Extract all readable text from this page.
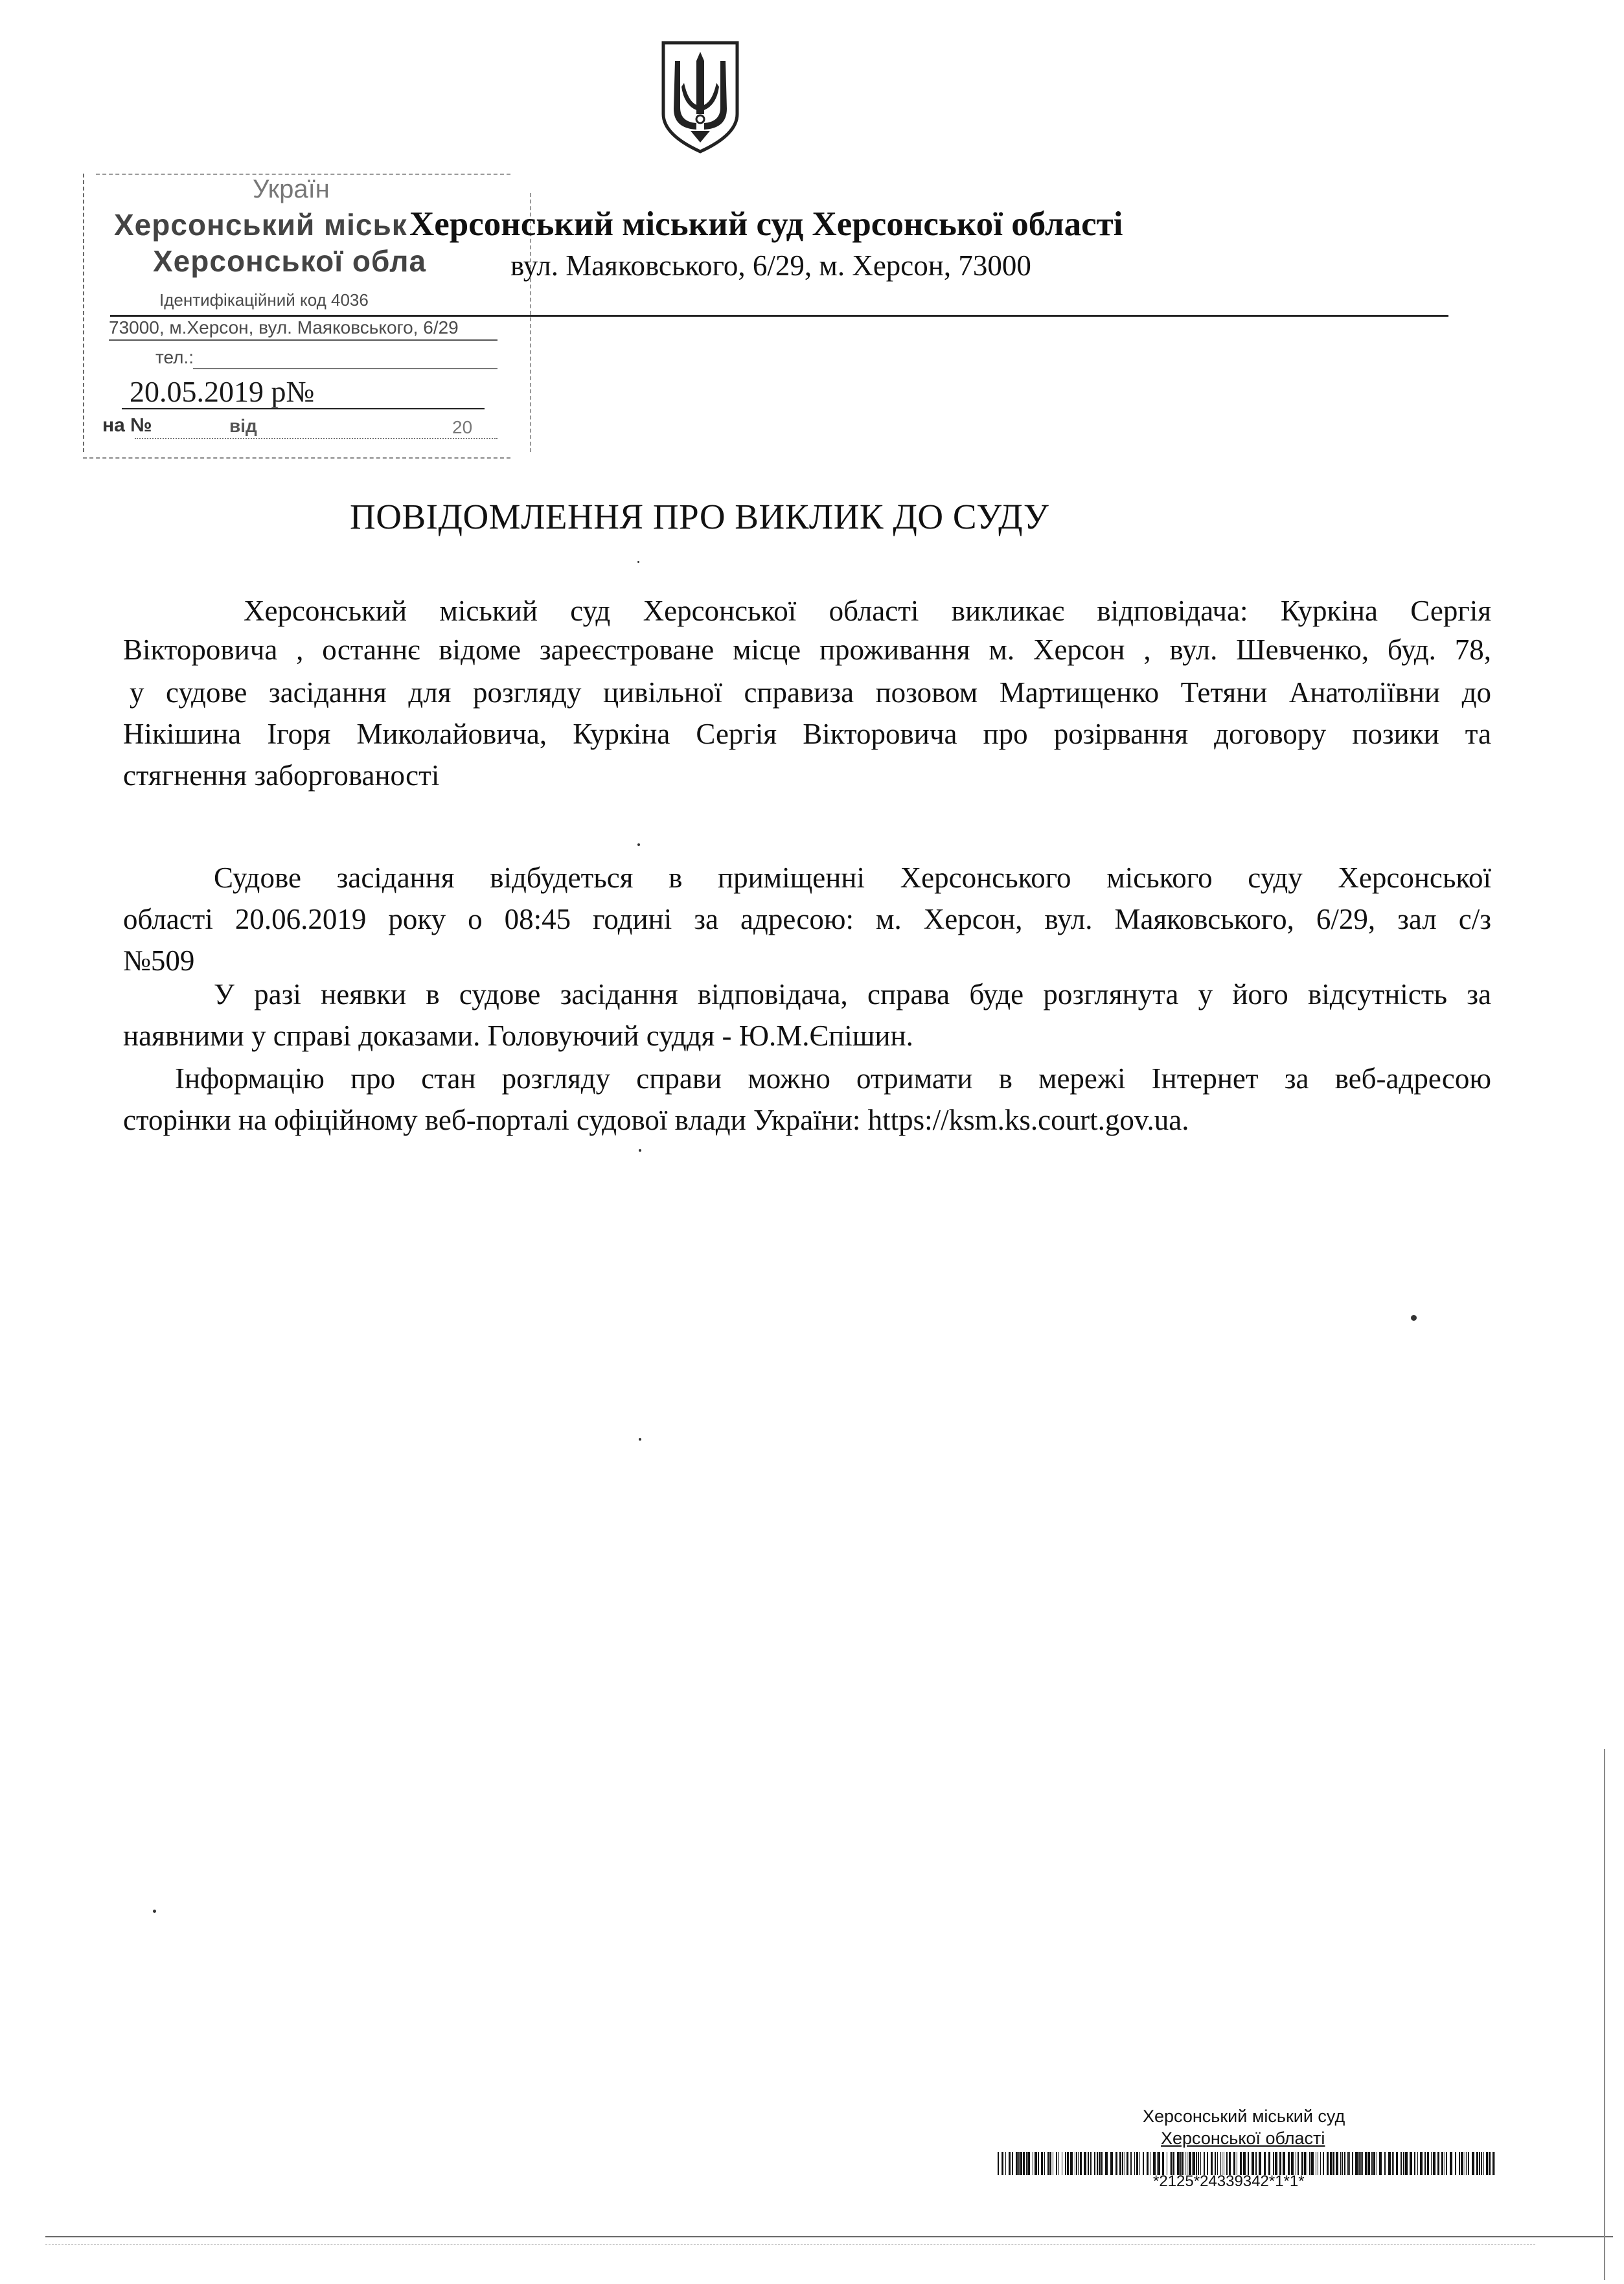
Україн
Херсонський міськ
Херсонської обла
Ідентифікаційний код 4036
73000, м.Херсон, вул. Маяковського, 6/29
тел.:
20.05.2019 р№
на №	від	20
Херсонський міський суд Херсонської області
вул. Маяковського, 6/29, м. Херсон, 73000
ПОВІДОМЛЕННЯ ПРО ВИКЛИК ДО СУДУ
Херсонський міський суд Херсонської області викликає відповідача: Куркіна Сергія
Вікторовича , останнє відоме зареєстроване місце проживання м. Херсон , вул. Шевченко, буд. 78,
у судове засідання для розгляду цивільної справиза позовом Мартищенко Тетяни Анатоліївни до
Нікішина Ігоря Миколайовича, Куркіна Сергія Вікторовича про розірвання договору позики та
стягнення заборгованості
Судове засідання відбудеться в приміщенні Херсонського міського суду Херсонської
області 20.06.2019 року о 08:45 годині за адресою: м. Херсон, вул. Маяковського, 6/29, зал с/з
№509
У разі неявки в судове засідання відповідача, справа буде розглянута у його відсутність за
наявними у справі доказами. Головуючий суддя - Ю.М.Єпішин.
Інформацію про стан розгляду справи можно отримати в мережі Інтернет за веб-адресою
сторінки на офіційному веб-порталі судової влади України: https://ksm.ks.court.gov.ua.
Херсонський міський суд
Херсонської області
*2125*24339342*1*1*
